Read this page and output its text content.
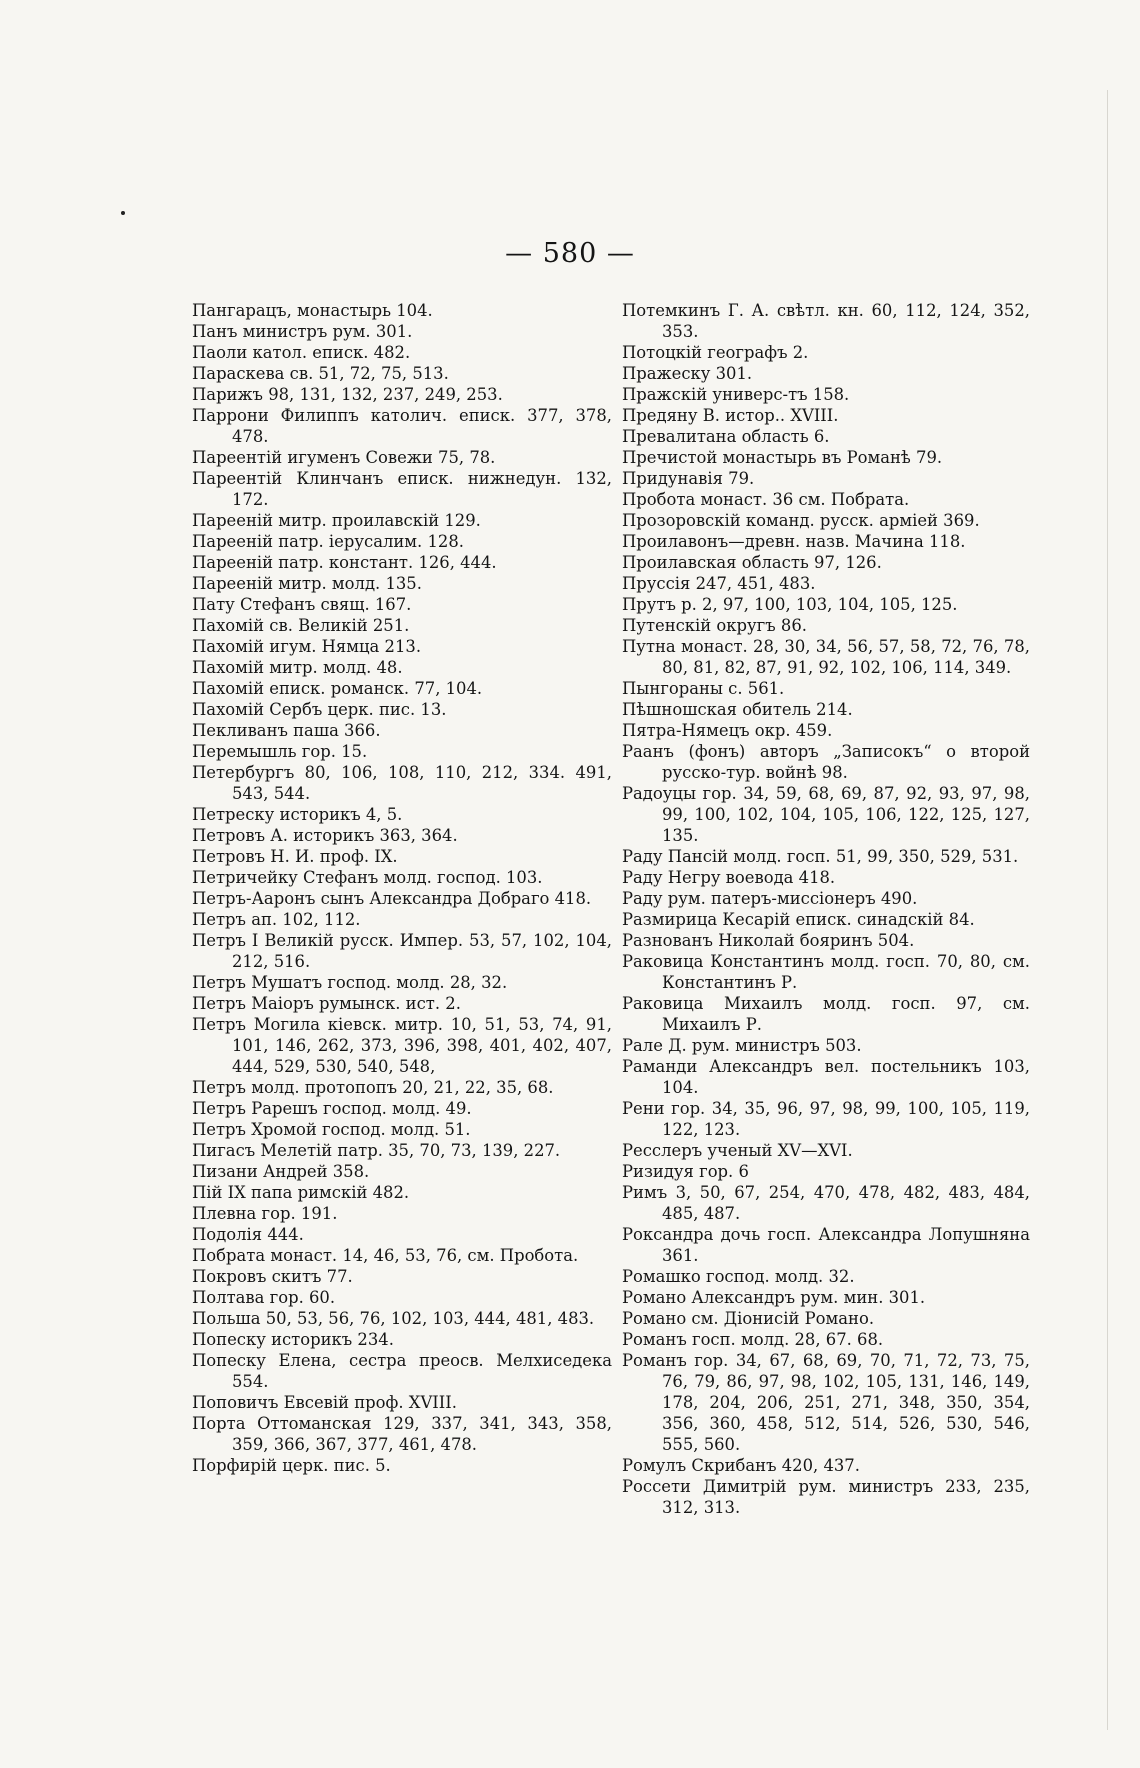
— 580 —
Пангарацъ, монастырь 104.
Панъ министръ рум. 301.
Паоли катол. еписк. 482.
Параскева св. 51, 72, 75, 513.
Парижъ 98, 131, 132, 237, 249, 253.
Паррони Филиппъ католич. еписк. 377, 378, 478.
Пареентій игуменъ Совежи 75, 78.
Пареентій Клинчанъ еписк. нижнедун. 132, 172.
Пареенiй митр. проилавскiй 129.
Пареенiй патр. iерусалим. 128.
Пареенiй патр. констант. 126, 444.
Пареенiй митр. молд. 135.
Пату Стефанъ свящ. 167.
Пахомiй св. Великiй 251.
Пахомiй игум. Нямца 213.
Пахомiй митр. молд. 48.
Пахомiй еписк. романск. 77, 104.
Пахомiй Сербъ церк. пис. 13.
Пекливанъ паша 366.
Перемышль гор. 15.
Петербургъ 80, 106, 108, 110, 212, 334. 491, 543, 544.
Петреску историкъ 4, 5.
Петровъ А. историкъ 363, 364.
Петровъ Н. И. проф. IX.
Петричейку Стефанъ молд. господ. 103.
Петръ-Ааронъ сынъ Александра Добраго 418.
Петръ ап. 102, 112.
Петръ I Великiй русск. Импер. 53, 57, 102, 104, 212, 516.
Петръ Мушатъ господ. молд. 28, 32.
Петръ Маiоръ румынск. ист. 2.
Петръ Могила кiевск. митр. 10, 51, 53, 74, 91, 101, 146, 262, 373, 396, 398, 401, 402, 407, 444, 529, 530, 540, 548,
Петръ молд. протопопъ 20, 21, 22, 35, 68.
Петръ Рарешъ господ. молд. 49.
Петръ Хромой господ. молд. 51.
Пигасъ Мелетiй патр. 35, 70, 73, 139, 227.
Пизани Андрей 358.
Пiй IX папа римскiй 482.
Плевна гор. 191.
Подолiя 444.
Побрата монаст. 14, 46, 53, 76, см. Пробота.
Покровъ скитъ 77.
Полтава гор. 60.
Польша 50, 53, 56, 76, 102, 103, 444, 481, 483.
Попеску историкъ 234.
Попеску Елена, сестра преосв. Мелхиседека 554.
Поповичъ Евсевiй проф. XVIII.
Порта Оттоманская 129, 337, 341, 343, 358, 359, 366, 367, 377, 461, 478.
Порфирiй церк. пис. 5.
Потемкинъ Г. А. свѣтл. кн. 60, 112, 124, 352, 353.
Потоцкiй географъ 2.
Пражеску 301.
Пражскiй универс-тъ 158.
Предяну В. истор.. XVIII.
Превалитана область 6.
Пречистой монастырь въ Романѣ 79.
Придунавiя 79.
Пробота монаст. 36 см. Побрата.
Прозоровскiй команд. русск. армiей 369.
Проилавонъ—древн. назв. Мачина 118.
Проилавская область 97, 126.
Пруссiя 247, 451, 483.
Прутъ р. 2, 97, 100, 103, 104, 105, 125.
Путенскiй округъ 86.
Путна монаст. 28, 30, 34, 56, 57, 58, 72, 76, 78, 80, 81, 82, 87, 91, 92, 102, 106, 114, 349.
Пынгораны с. 561.
Пѣшношская обитель 214.
Пятра-Нямецъ окр. 459.
Раанъ (фонъ) авторъ „Записокъ“ о второй русско-тур. войнѣ 98.
Радоуцы гор. 34, 59, 68, 69, 87, 92, 93, 97, 98, 99, 100, 102, 104, 105, 106, 122, 125, 127, 135.
Раду Пансiй молд. госп. 51, 99, 350, 529, 531.
Раду Негру воевода 418.
Раду рум. патеръ-миссiонеръ 490.
Размирица Кесарiй еписк. синадскiй 84.
Разнованъ Николай бояринъ 504.
Раковица Константинъ молд. госп. 70, 80, см. Константинъ Р.
Раковица Михаилъ молд. госп. 97, см. Михаилъ Р.
Рале Д. рум. министръ 503.
Раманди Александръ вел. постельникъ 103, 104.
Рени гор. 34, 35, 96, 97, 98, 99, 100, 105, 119, 122, 123.
Ресслеръ ученый XV—XVI.
Ризидуя гор. 6
Римъ 3, 50, 67, 254, 470, 478, 482, 483, 484, 485, 487.
Роксандра дочь госп. Александра Лопушняна 361.
Ромашко господ. молд. 32.
Романо Александръ рум. мин. 301.
Романо см. Дiонисiй Романо.
Романъ госп. молд. 28, 67. 68.
Романъ гор. 34, 67, 68, 69, 70, 71, 72, 73, 75, 76, 79, 86, 97, 98, 102, 105, 131, 146, 149, 178, 204, 206, 251, 271, 348, 350, 354, 356, 360, 458, 512, 514, 526, 530, 546, 555, 560.
Ромулъ Скрибанъ 420, 437.
Россети Димитрiй рум. министръ 233, 235, 312, 313.
